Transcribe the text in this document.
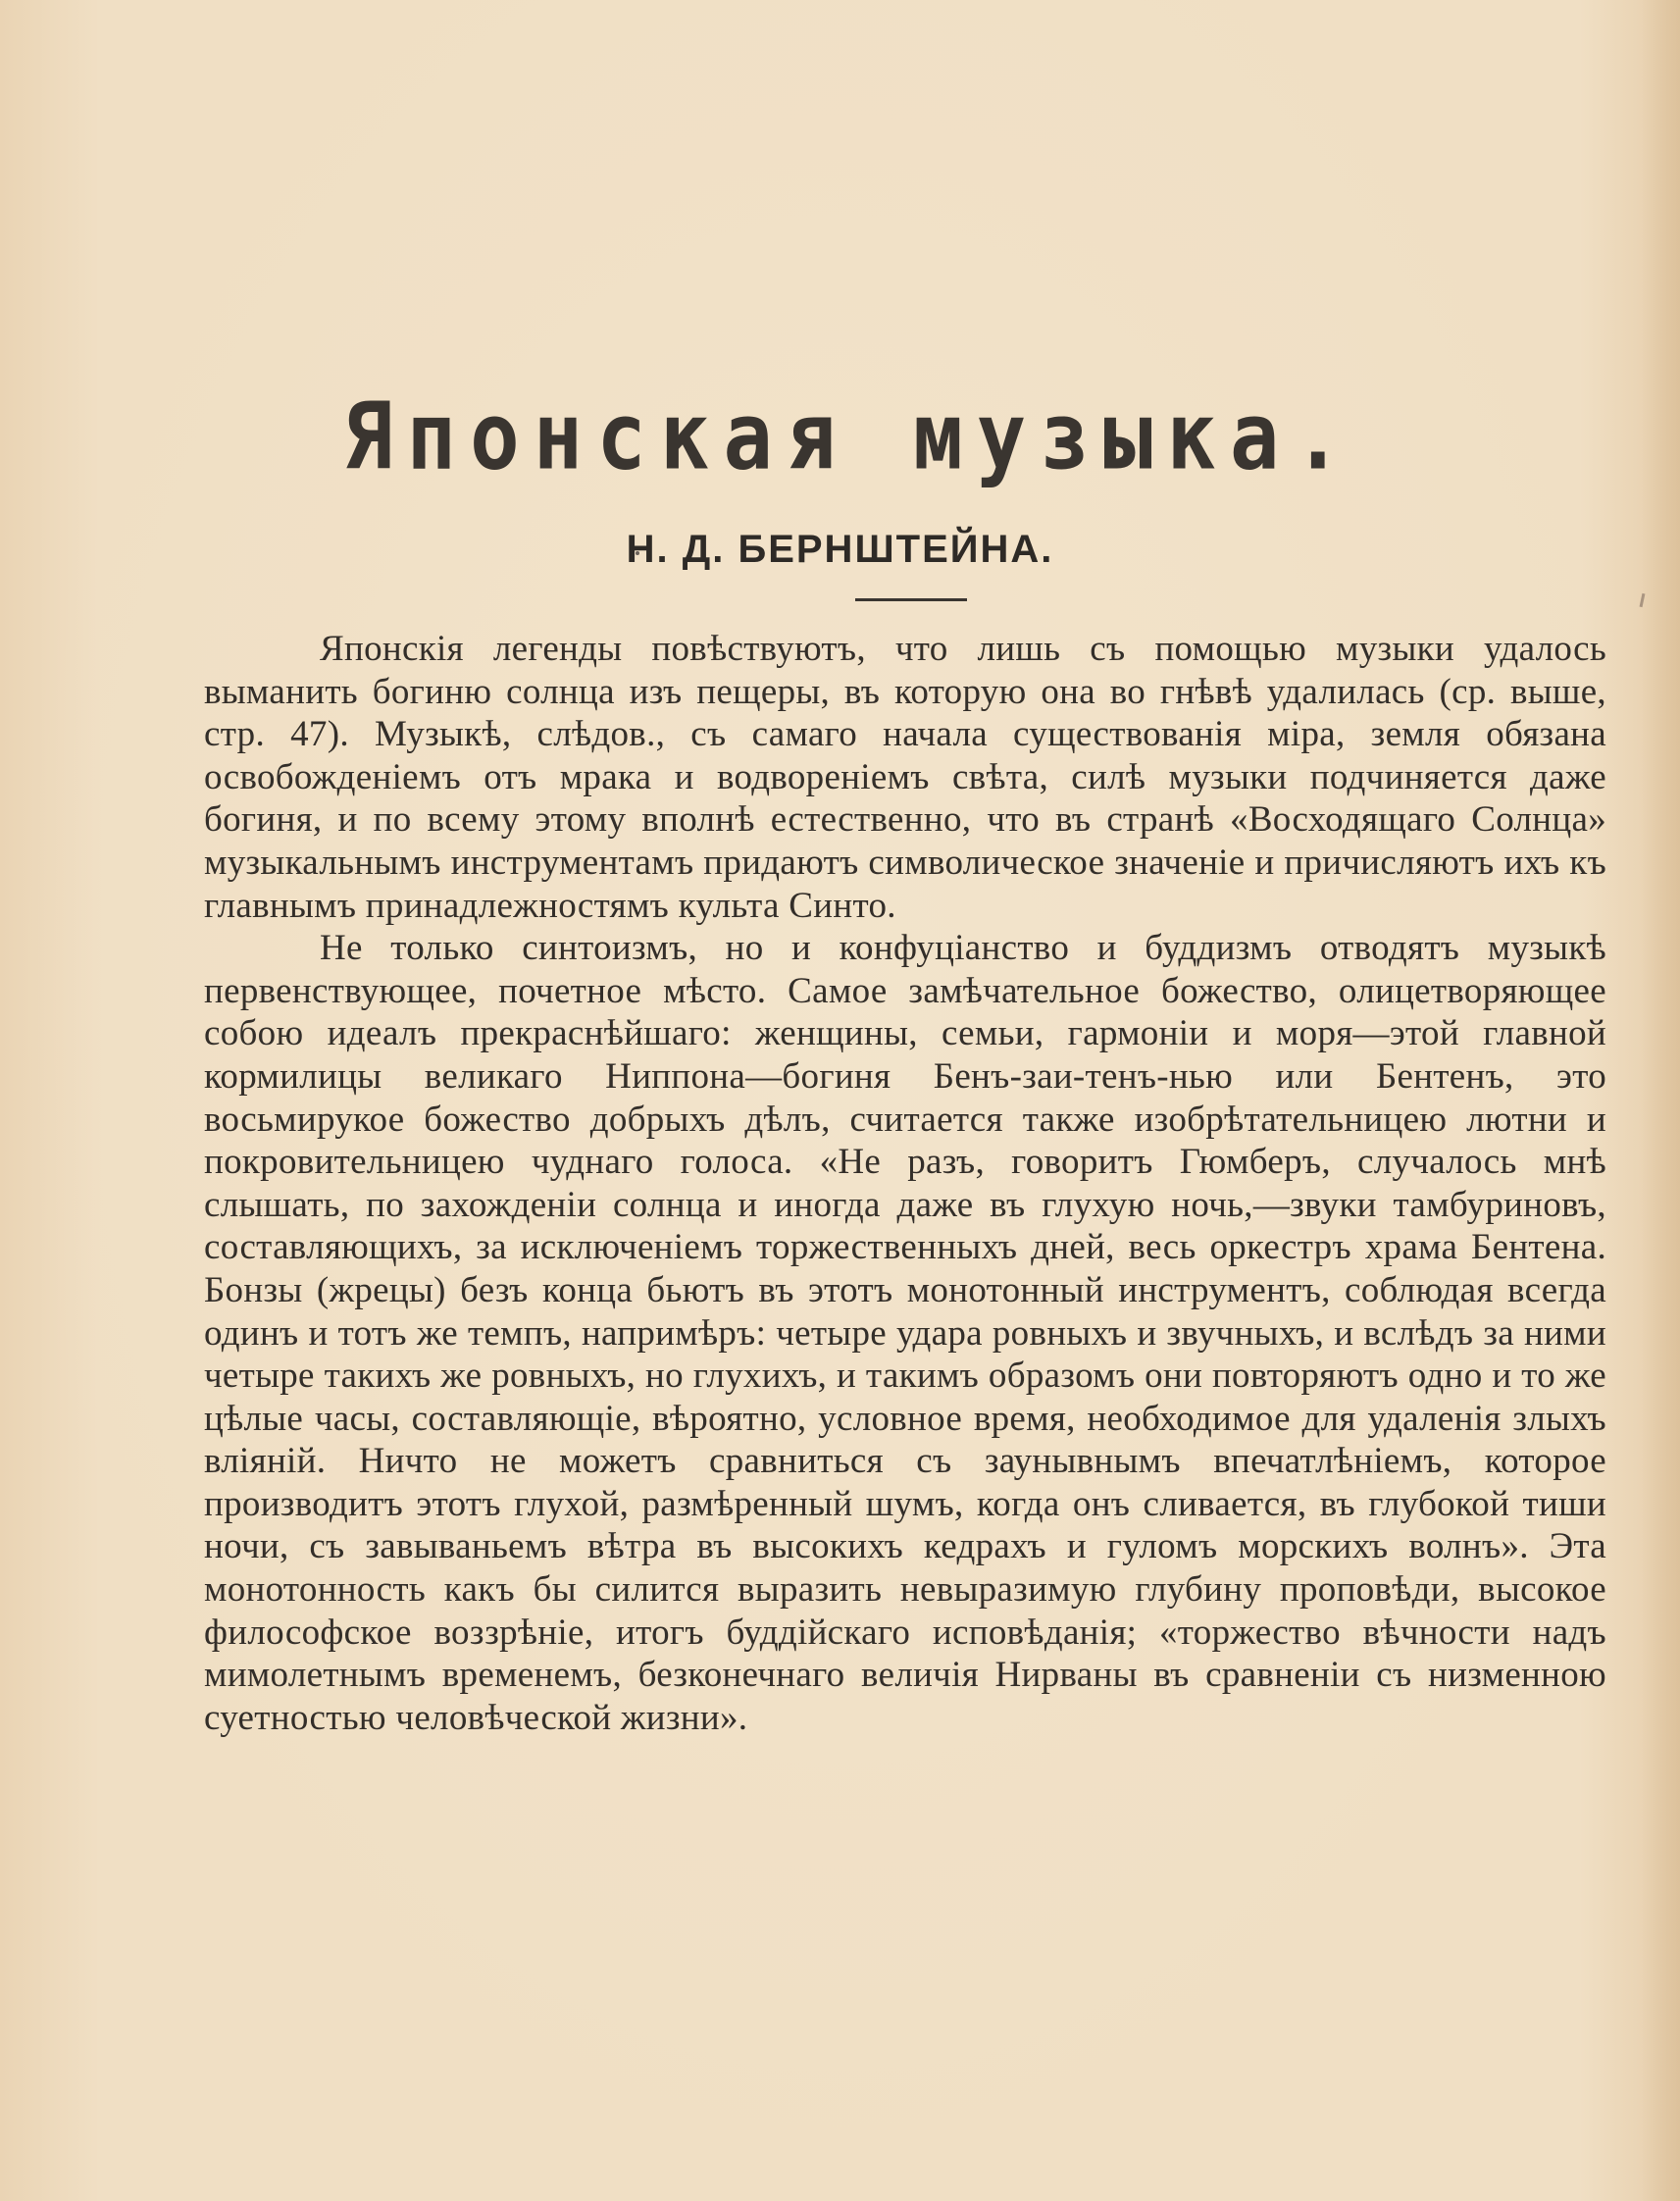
Японская музыка.
Н. Д. БЕРНШТЕЙНА.

Японскія легенды повѣствуютъ, что лишь съ помощью музыки удалось выманить богиню солнца изъ пещеры, въ которую она во гнѣвѣ удалилась (ср. выше, стр. 47). Музыкѣ, слѣдов., съ самаго начала существованія міра, земля обязана освобожденіемъ отъ мрака и водвореніемъ свѣта, силѣ музыки подчиняется даже богиня, и по всему этому вполнѣ естественно, что въ странѣ «Восходящаго Солнца» музыкальнымъ инструментамъ придаютъ символическое значеніе и причисляютъ ихъ къ главнымъ принадлежностямъ культа Синто.

Не только синтоизмъ, но и конфуціанство и буддизмъ отводятъ музыкѣ первенствующее, почетное мѣсто. Самое замѣчательное божество, олицетворяющее собою идеалъ прекраснѣйшаго: женщины, семьи, гармоніи и моря—этой главной кормилицы великаго Ниппона—богиня Бенъ-заи-тенъ-нью или Бентенъ, это восьмирукое божество добрыхъ дѣлъ, считается также изобрѣтательницею лютни и покровительницею чуднаго голоса. «Не разъ, говоритъ Гюмберъ, случалось мнѣ слышать, по захожденіи солнца и иногда даже въ глухую ночь,—звуки тамбуриновъ, составляющихъ, за исключеніемъ торжественныхъ дней, весь оркестръ храма Бентена. Бонзы (жрецы) безъ конца бьютъ въ этотъ монотонный инструментъ, соблюдая всегда одинъ и тотъ же темпъ, напримѣръ: четыре удара ровныхъ и звучныхъ, и вслѣдъ за ними четыре такихъ же ровныхъ, но глухихъ, и такимъ образомъ они повторяютъ одно и то же цѣлые часы, составляющіе, вѣроятно, условное время, необходимое для удаленія злыхъ вліяній. Ничто не можетъ сравниться съ заунывнымъ впечатлѣніемъ, которое производитъ этотъ глухой, размѣренный шумъ, когда онъ сливается, въ глубокой тиши ночи, съ завываньемъ вѣтра въ высокихъ кедрахъ и гуломъ морскихъ волнъ». Эта монотонность какъ бы силится выразить невыразимую глубину проповѣди, высокое философское воззрѣніе, итогъ буддійскаго исповѣданія; «торжество вѣчности надъ мимолетнымъ временемъ, безконечнаго величія Нирваны въ сравненіи съ низменною суетностью человѣческой жизни».
